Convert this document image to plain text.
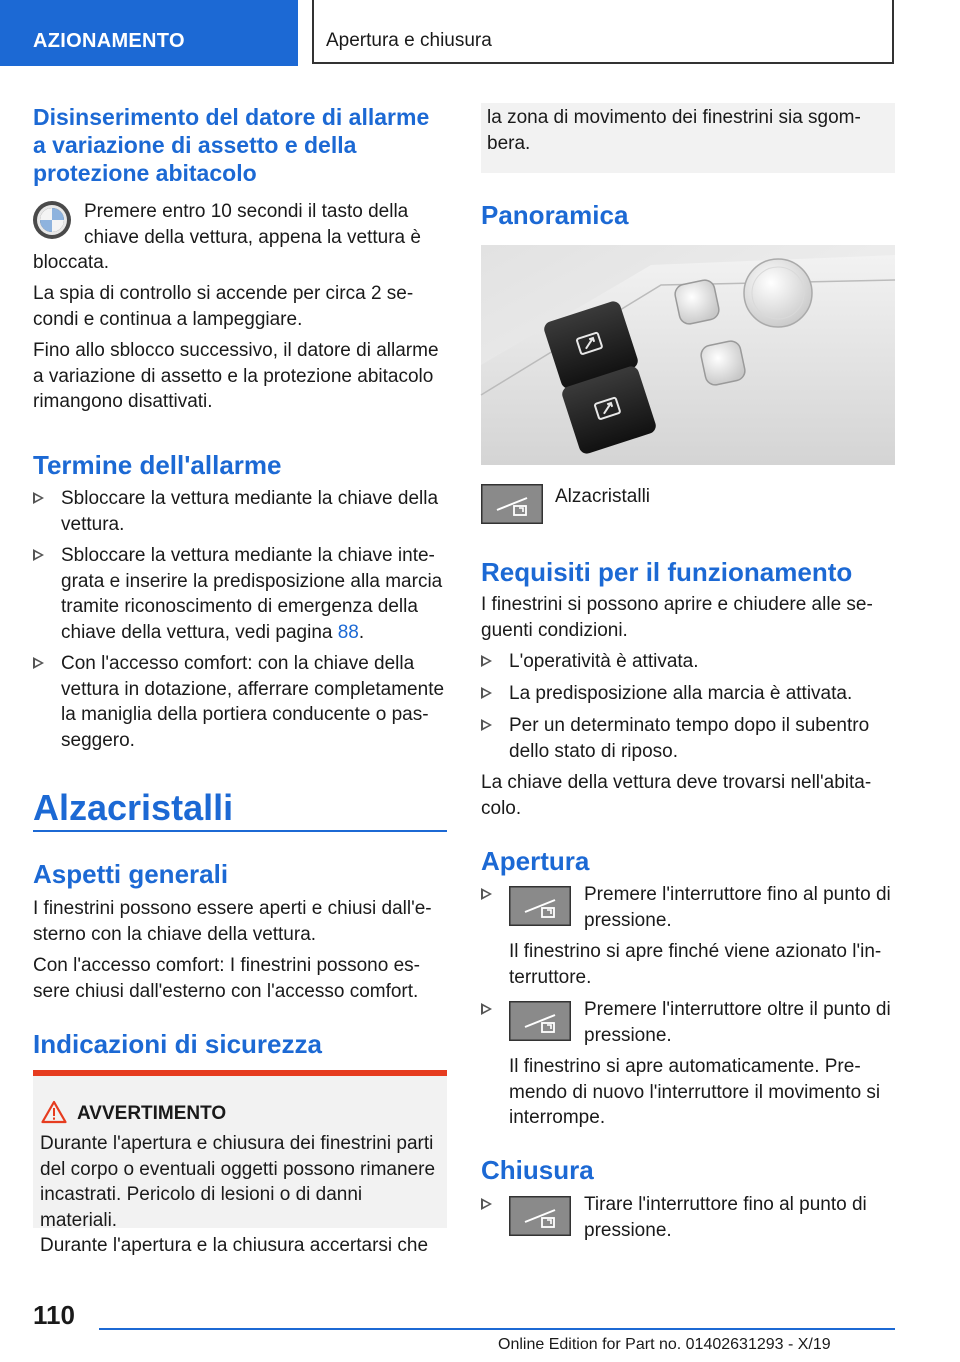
AZIONAMENTO	Apertura e chiusura
Disinserimento del datore di allarme
a variazione di assetto e della
protezione abitacolo

Premere entro 10 secondi il tasto della

chiave della vettura, appena la vettura è

bloccata.

La spia di controllo si accende per circa 2 se-

condi e continua a lampeggiare.

Fino allo sblocco successivo, il datore di allarme

a variazione di assetto e la protezione abitacolo

rimangono disattivati.

Termine dell'allarme

Sbloccare la vettura mediante la chiave della

vettura.

Sbloccare la vettura mediante la chiave inte-

grata e inserire la predisposizione alla marcia

tramite riconoscimento di emergenza della

chiave della vettura, vedi pagina 88.

Con l'accesso comfort: con la chiave della

vettura in dotazione, afferrare completamente

la maniglia della portiera conducente o pas-

seggero.

Alzacristalli
Aspetti generali

I finestrini possono essere aperti e chiusi dall'e-

sterno con la chiave della vettura.

Con l'accesso comfort: I finestrini possono es-

sere chiusi dall'esterno con l'accesso comfort.

Indicazioni di sicurezza
AVVERTIMENTO

Durante l'apertura e chiusura dei finestrini parti

del corpo o eventuali oggetti possono rimanere

incastrati. Pericolo di lesioni o di danni materiali.

Durante l'apertura e la chiusura accertarsi che

la zona di movimento dei finestrini sia sgom-
bera.

Panoramica

Alzacristalli

Requisiti per il funzionamento

I finestrini si possono aprire e chiudere alle se-

guenti condizioni.

L'operatività è attivata.

La predisposizione alla marcia è attivata.

Per un determinato tempo dopo il subentro

dello stato di riposo.

La chiave della vettura deve trovarsi nell'abita-

colo.

Apertura

Premere l'interruttore fino al punto di

pressione.

Il finestrino si apre finché viene azionato l'in-

terruttore.

Premere l'interruttore oltre il punto di

pressione.

Il finestrino si apre automaticamente. Pre-

mendo di nuovo l'interruttore il movimento si

interrompe.

Chiusura

Tirare l'interruttore fino al punto di

pressione.

110
Online Edition for Part no. 01402631293 - X/19
